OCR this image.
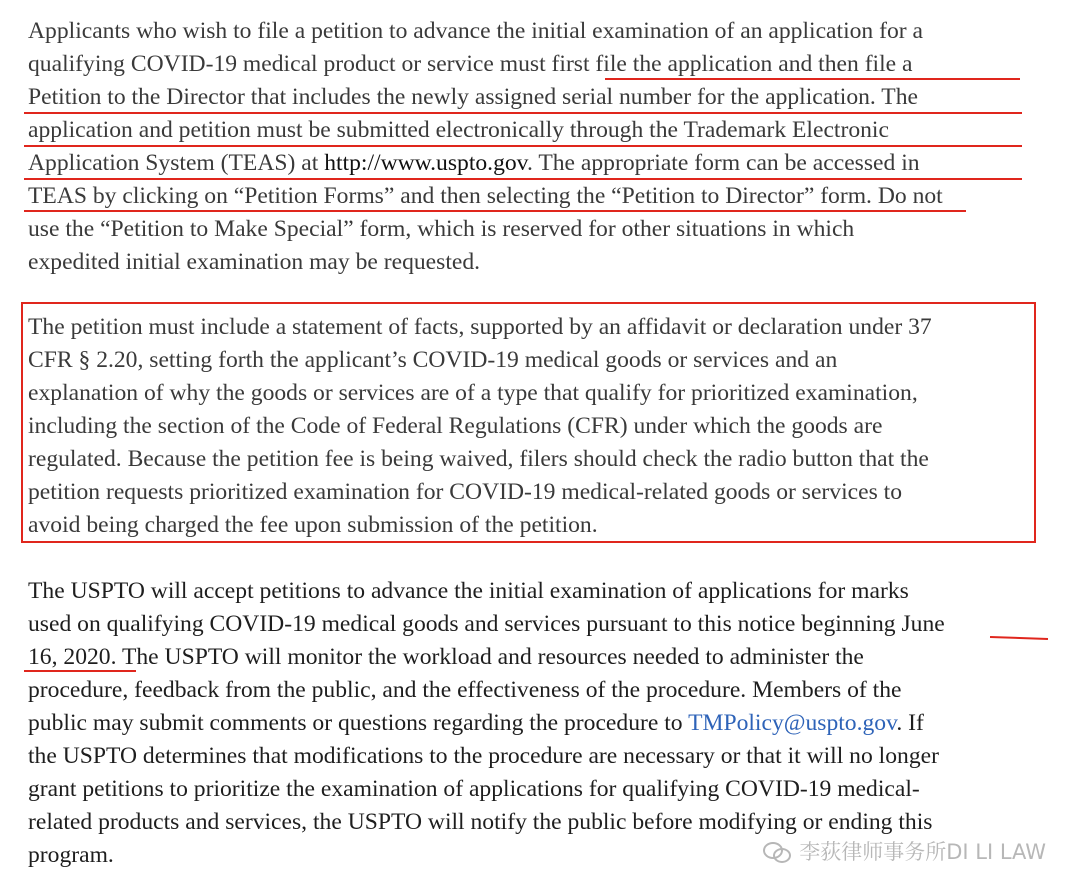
Applicants who wish to file a petition to advance the initial examination of an application for a
qualifying COVID-19 medical product or service must first file the application and then file a
Petition to the Director that includes the newly assigned serial number for the application. The
application and petition must be submitted electronically through the Trademark Electronic
Application System (TEAS) at http://www.uspto.gov. The appropriate form can be accessed in
TEAS by clicking on “Petition Forms” and then selecting the “Petition to Director” form. Do not
use the “Petition to Make Special” form, which is reserved for other situations in which
expedited initial examination may be requested.
The petition must include a statement of facts, supported by an affidavit or declaration under 37
CFR § 2.20, setting forth the applicant’s COVID-19 medical goods or services and an
explanation of why the goods or services are of a type that qualify for prioritized examination,
including the section of the Code of Federal Regulations (CFR) under which the goods are
regulated. Because the petition fee is being waived, filers should check the radio button that the
petition requests prioritized examination for COVID-19 medical-related goods or services to
avoid being charged the fee upon submission of the petition.
The USPTO will accept petitions to advance the initial examination of applications for marks
used on qualifying COVID-19 medical goods and services pursuant to this notice beginning June
16, 2020. The USPTO will monitor the workload and resources needed to administer the
procedure, feedback from the public, and the effectiveness of the procedure. Members of the
public may submit comments or questions regarding the procedure to TMPolicy@uspto.gov. If
the USPTO determines that modifications to the procedure are necessary or that it will no longer
grant petitions to prioritize the examination of applications for qualifying COVID-19 medical-
related products and services, the USPTO will notify the public before modifying or ending this
program.	李荻律师事务所DI LI LAW
